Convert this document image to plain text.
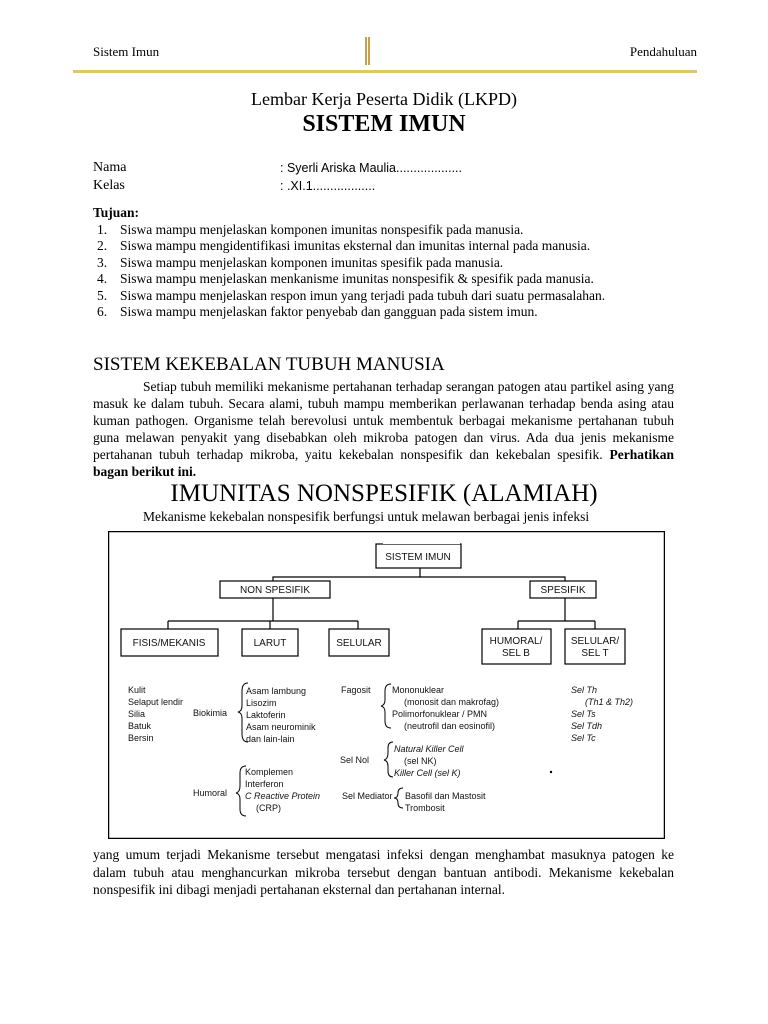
Sistem Imun	Pendahuluan
Lembar Kerja Peserta Didik (LKPD)
SISTEM IMUN
Nama	: Syerli Ariska Maulia...................
Kelas	: .XI.1..................
Tujuan:
1. Siswa mampu menjelaskan komponen imunitas nonspesifik pada manusia.
2. Siswa mampu mengidentifikasi imunitas eksternal dan imunitas internal pada manusia.
3. Siswa mampu menjelaskan komponen imunitas spesifik pada manusia.
4. Siswa mampu menjelaskan menkanisme imunitas nonspesifik & spesifik pada manusia.
5. Siswa mampu menjelaskan respon imun yang terjadi pada tubuh dari suatu permasalahan.
6. Siswa mampu menjelaskan faktor penyebab dan gangguan pada sistem imun.
SISTEM KEKEBALAN TUBUH MANUSIA
Setiap tubuh memiliki mekanisme pertahanan terhadap serangan patogen atau partikel asing yang masuk ke dalam tubuh. Secara alami, tubuh mampu memberikan perlawanan terhadap benda asing atau kuman pathogen. Organisme telah berevolusi untuk membentuk berbagai mekanisme pertahanan tubuh guna melawan penyakit yang disebabkan oleh mikroba patogen dan virus. Ada dua jenis mekanisme pertahanan tubuh terhadap mikroba, yaitu kekebalan nonspesifik dan kekebalan spesifik. Perhatikan bagan berikut ini.
IMUNITAS NONSPESIFIK (ALAMIAH)
Mekanisme kekebalan nonspesifik berfungsi untuk melawan berbagai jenis infeksi
SISTEM IMUN
NON SPESIFIK	SPESIFIK
FISIS/MEKANIS	LARUT	SELULAR	HUMORAL/
SEL B
SELULAR/
SEL T
Kulit
Selaput lendir
Silia
Batuk
Bersin
Biokimia
Asam lambung
Lisozim
Laktoferin
Asam neurominik
dan lain-lain
Humoral
Komplemen
Interferon
C Reactive Protein
(CRP)
Fagosit Mononuklear
(monosit dan makrofag)
Polimorfonuklear / PMN
(neutrofil dan eosinofil)
Sel Nol
Natural Killer Cell
(sel NK)
Killer Cell (sel K)
Sel Mediator Basofil dan Mastosit
Trombosit
Sel Th
(Th1 & Th2)
Sel Ts
Sel Tdh
Sel Tc
yang umum terjadi Mekanisme tersebut mengatasi infeksi dengan menghambat masuknya patogen ke dalam tubuh atau menghancurkan mikroba tersebut dengan bantuan antibodi. Mekanisme kekebalan nonspesifik ini dibagi menjadi pertahanan eksternal dan pertahanan internal.
